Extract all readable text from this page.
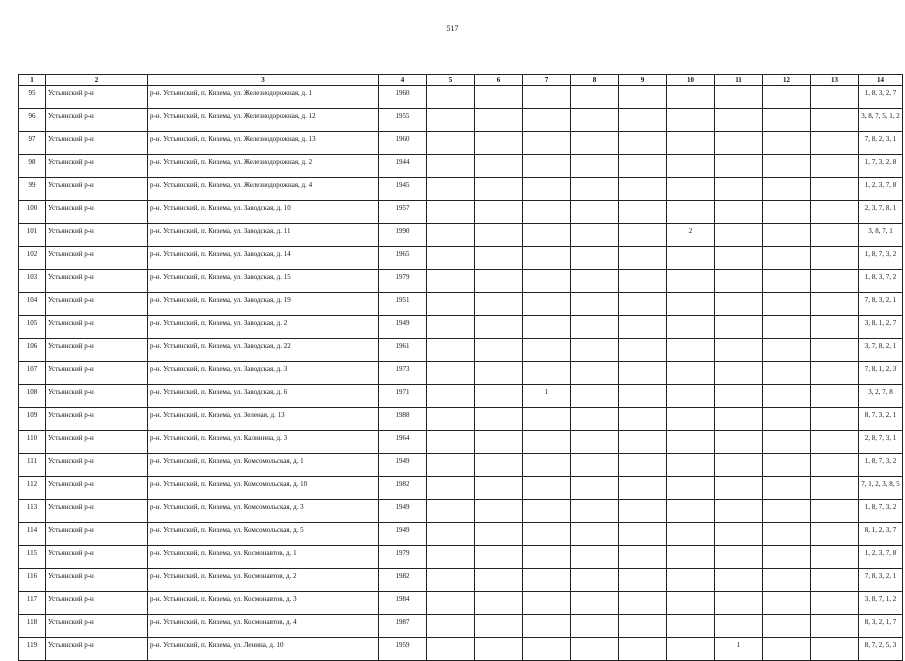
517
1	2	3	4	5	6	7	8	9	10	11	12	13	14
95	Устьянский р-н	р-н. Устьянский, п. Кизема, ул. Железнодорожная, д. 1	1960										1, 8, 3, 2, 7
96	Устьянский р-н	р-н. Устьянский, п. Кизема, ул. Железнодорожная, д. 12	1955										3, 8, 7, 5, 1, 2
97	Устьянский р-н	р-н. Устьянский, п. Кизема, ул. Железнодорожная, д. 13	1960										7, 8, 2, 3, 1
98	Устьянский р-н	р-н. Устьянский, п. Кизема, ул. Железнодорожная, д. 2	1944										1, 7, 3, 2, 8
99	Устьянский р-н	р-н. Устьянский, п. Кизема, ул. Железнодорожная, д. 4	1945										1, 2, 3, 7, 8
100	Устьянский р-н	р-н. Устьянский, п. Кизема, ул. Заводская, д. 10	1957										2, 3, 7, 8, 1
101	Устьянский р-н	р-н. Устьянский, п. Кизема, ул. Заводская, д. 11	1990						2				3, 8, 7, 1
102	Устьянский р-н	р-н. Устьянский, п. Кизема, ул. Заводская, д. 14	1965										1, 8, 7, 3, 2
103	Устьянский р-н	р-н. Устьянский, п. Кизема, ул. Заводская, д. 15	1979										1, 8, 3, 7, 2
104	Устьянский р-н	р-н. Устьянский, п. Кизема, ул. Заводская, д. 19	1951										7, 8, 3, 2, 1
105	Устьянский р-н	р-н. Устьянский, п. Кизема, ул. Заводская, д. 2	1949										3, 8, 1, 2, 7
106	Устьянский р-н	р-н. Устьянский, п. Кизема, ул. Заводская, д. 22	1961										3, 7, 8, 2, 1
107	Устьянский р-н	р-н. Устьянский, п. Кизема, ул. Заводская, д. 3	1973										7, 8, 1, 2, 3
108	Устьянский р-н	р-н. Устьянский, п. Кизема, ул. Заводская, д. 6	1971			1							3, 2, 7, 8
109	Устьянский р-н	р-н. Устьянский, п. Кизема, ул. Зеленая, д. 13	1988										8, 7, 3, 2, 1
110	Устьянский р-н	р-н. Устьянский, п. Кизема, ул. Калинина, д. 3	1964										2, 8, 7, 3, 1
111	Устьянский р-н	р-н. Устьянский, п. Кизема, ул. Комсомольская, д. 1	1949										1, 8, 7, 3, 2
112	Устьянский р-н	р-н. Устьянский, п. Кизема, ул. Комсомольская, д. 10	1982										7, 1, 2, 3, 8, 5
113	Устьянский р-н	р-н. Устьянский, п. Кизема, ул. Комсомольская, д. 3	1949										1, 8, 7, 3, 2
114	Устьянский р-н	р-н. Устьянский, п. Кизема, ул. Комсомольская, д. 5	1949										8, 1, 2, 3, 7
115	Устьянский р-н	р-н. Устьянский, п. Кизема, ул. Космонавтов, д. 1	1979										1, 2, 3, 7, 8
116	Устьянский р-н	р-н. Устьянский, п. Кизема, ул. Космонавтов, д. 2	1982										7, 8, 3, 2, 1
117	Устьянский р-н	р-н. Устьянский, п. Кизема, ул. Космонавтов, д. 3	1984										3, 8, 7, 1, 2
118	Устьянский р-н	р-н. Устьянский, п. Кизема, ул. Космонавтов, д. 4	1987										8, 3, 2, 1, 7
119	Устьянский р-н	р-н. Устьянский, п. Кизема, ул. Ленина, д. 10	1959							1			8, 7, 2, 5, 3
